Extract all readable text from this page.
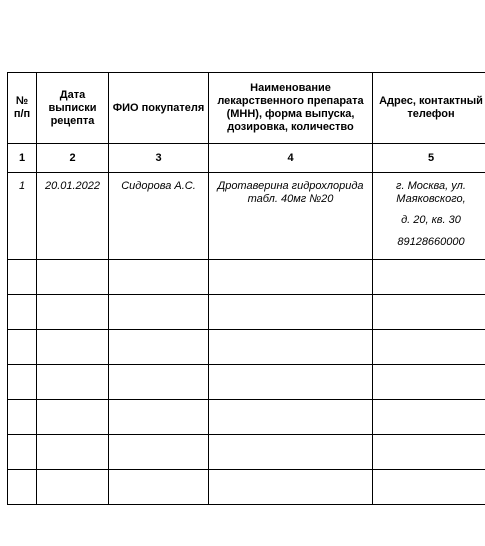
№ п/п	Дата выписки рецепта	ФИО покупателя	Наименование лекарственного препарата (МНН), форма выпуска, дозировка, количество	Адрес, контактный телефон
1	2	3	4	5
1	20.01.2022	Сидорова А.С.	Дротаверина гидрохлорида табл. 40мг №20	г. Москва, ул. Маяковского,
д. 20, кв. 30
89128660000
